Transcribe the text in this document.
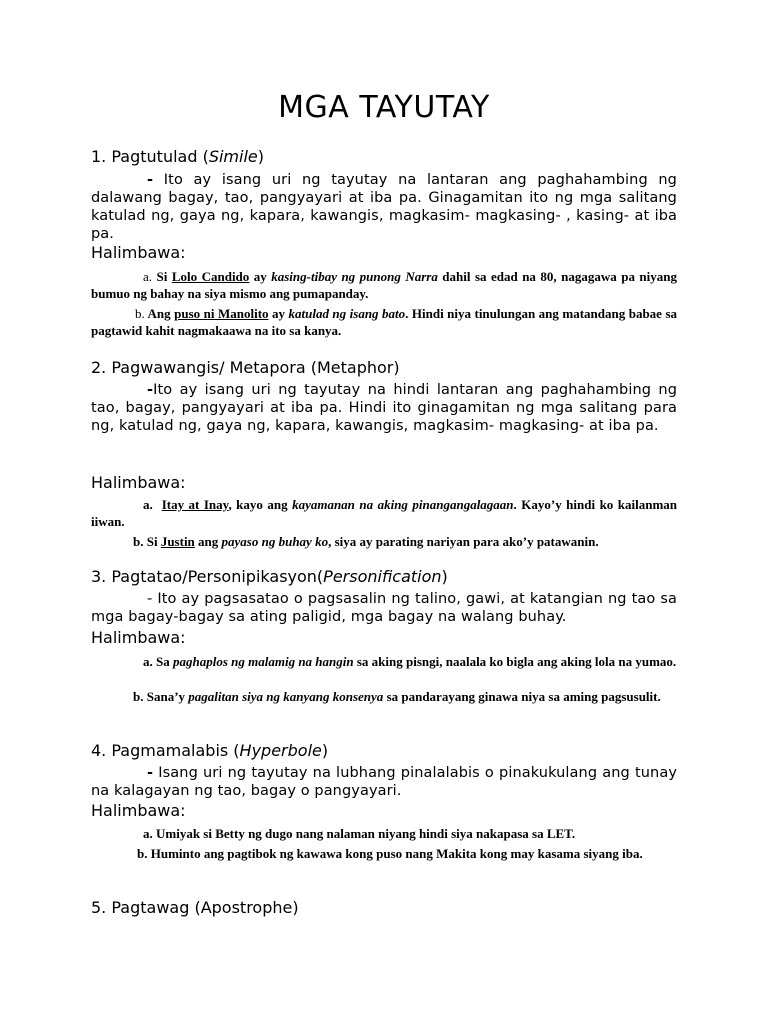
MGA TAYUTAY
1. Pagtutulad (Simile)
- Ito ay isang uri ng tayutay na lantaran ang paghahambing ng dalawang bagay, tao, pangyayari at iba pa. Ginagamitan ito ng mga salitang katulad ng, gaya ng, kapara, kawangis, magkasim- magkasing- , kasing- at iba pa.
Halimbawa:
a. Si Lolo Candido ay kasing-tibay ng punong Narra dahil sa edad na 80, nagagawa pa niyang bumuo ng bahay na siya mismo ang pumapanday.
b. Ang puso ni Manolito ay katulad ng isang bato. Hindi niya tinulungan ang matandang babae sa pagtawid kahit nagmakaawa na ito sa kanya.
2. Pagwawangis/ Metapora (Metaphor)
-Ito ay isang uri ng tayutay na hindi lantaran ang paghahambing ng tao, bagay, pangyayari at iba pa. Hindi ito ginagamitan ng mga salitang para ng, katulad ng, gaya ng, kapara, kawangis, magkasim- magkasing- at iba pa.
Halimbawa:
a. Itay at Inay, kayo ang kayamanan na aking pinangangalagaan. Kayo’y hindi ko kailanman iiwan.
b. Si Justin ang payaso ng buhay ko, siya ay parating nariyan para ako’y patawanin.
3. Pagtatao/Personipikasyon(Personification)
- Ito ay pagsasatao o pagsasalin ng talino, gawi, at katangian ng tao sa mga bagay-bagay sa ating paligid, mga bagay na walang buhay.
Halimbawa:
a. Sa paghaplos ng malamig na hangin sa aking pisngi, naalala ko bigla ang aking lola na yumao.
b. Sana’y pagalitan siya ng kanyang konsenya sa pandarayang ginawa niya sa aming pagsusulit.
4. Pagmamalabis (Hyperbole)
- Isang uri ng tayutay na lubhang pinalalabis o pinakukulang ang tunay na kalagayan ng tao, bagay o pangyayari.
Halimbawa:
a. Umiyak si Betty ng dugo nang nalaman niyang hindi siya nakapasa sa LET.
b. Huminto ang pagtibok ng kawawa kong puso nang Makita kong may kasama siyang iba.
5. Pagtawag (Apostrophe)
